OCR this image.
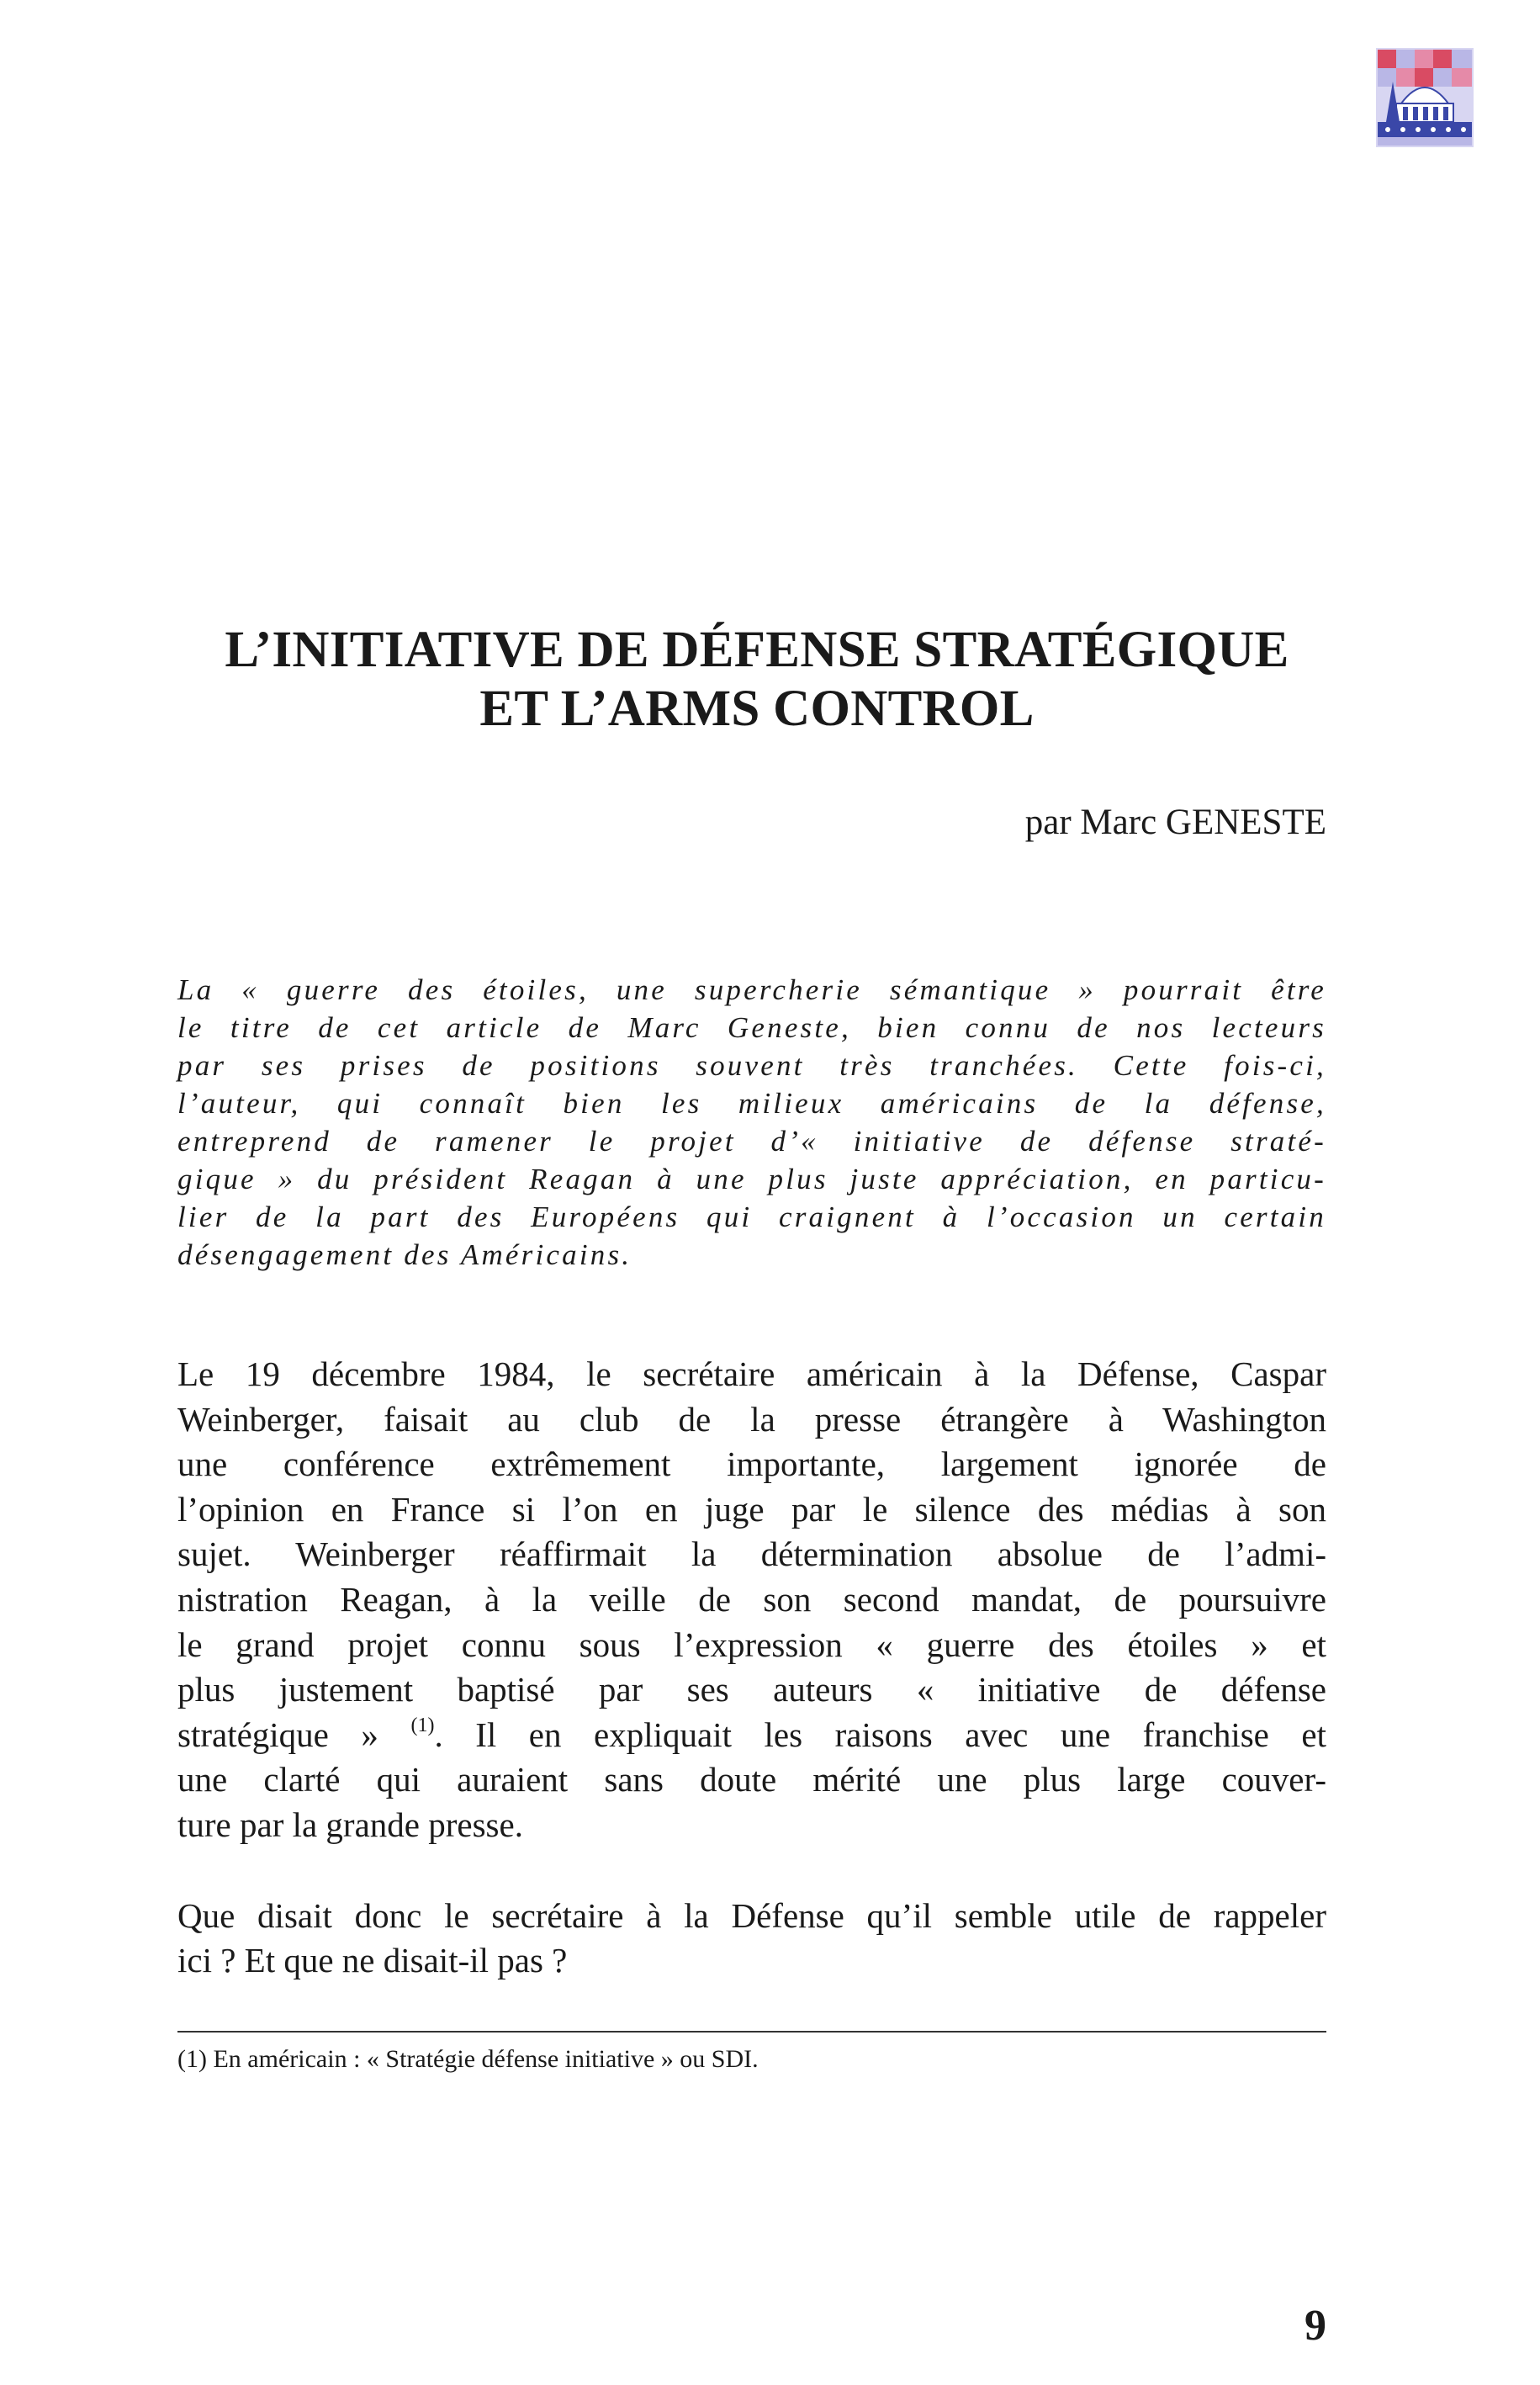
L’INITIATIVE DE DÉFENSE STRATÉGIQUE
ET L’ARMS CONTROL
par Marc GENESTE
La « guerre des étoiles, une supercherie sémantique » pourrait être
le titre de cet article de Marc Geneste, bien connu de nos lecteurs
par ses prises de positions souvent très tranchées. Cette fois-ci,
l’auteur, qui connaît bien les milieux américains de la défense,
entreprend de ramener le projet d’« initiative de défense straté-
gique » du président Reagan à une plus juste appréciation, en particu-
lier de la part des Européens qui craignent à l’occasion un certain
désengagement des Américains.
Le 19 décembre 1984, le secrétaire américain à la Défense, Caspar
Weinberger, faisait au club de la presse étrangère à Washington
une conférence extrêmement importante, largement ignorée de
l’opinion en France si l’on en juge par le silence des médias à son
sujet. Weinberger réaffirmait la détermination absolue de l’admi-
nistration Reagan, à la veille de son second mandat, de poursuivre
le grand projet connu sous l’expression « guerre des étoiles » et
plus justement baptisé par ses auteurs « initiative de défense
stratégique » $^{(1)}$. Il en expliquait les raisons avec une franchise et
une clarté qui auraient sans doute mérité une plus large couver-
ture par la grande presse.
Que disait donc le secrétaire à la Défense qu’il semble utile de rappeler
ici ? Et que ne disait-il pas ?
(1) En américain : « Stratégie défense initiative » ou SDI.
9
